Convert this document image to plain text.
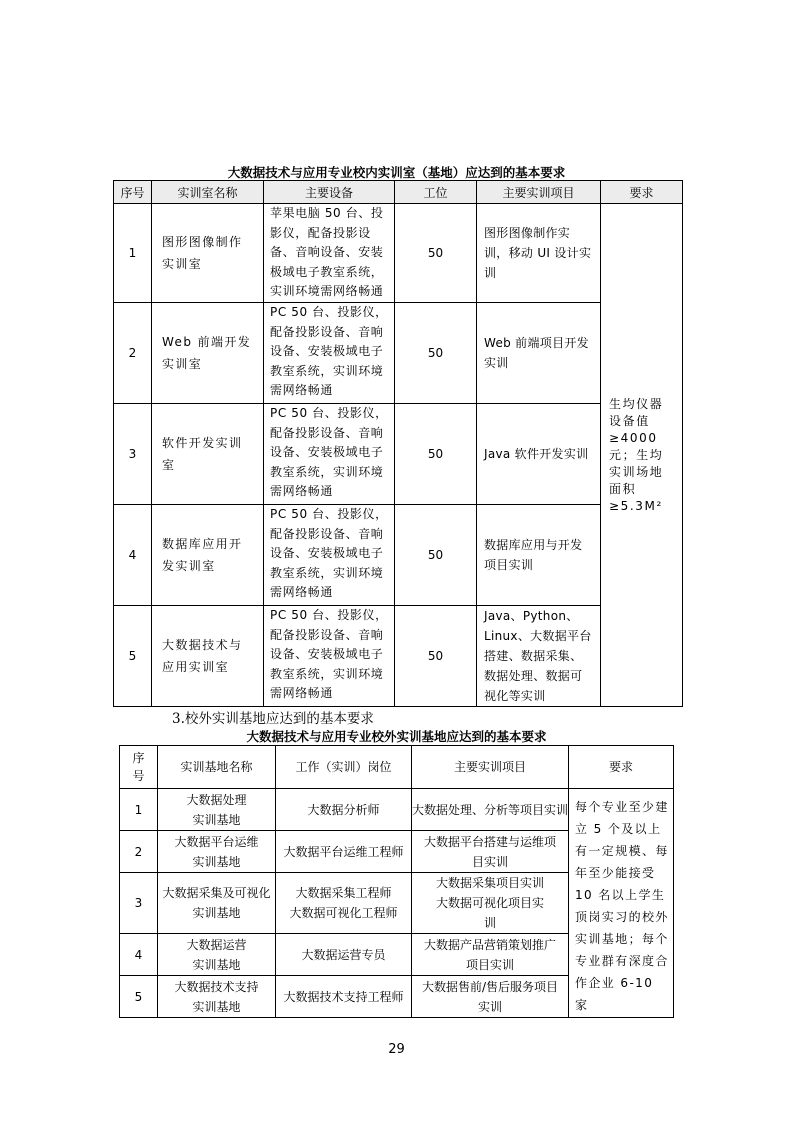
大数据技术与应用专业校内实训室（基地）应达到的基本要求
序号	实训室名称	主要设备	工位	主要实训项目	要求
1	图形图像制作实训室	苹果电脑 50 台、投影仪，配备投影设备、音响设备、安装极域电子教室系统，实训环境需网络畅通	50	图形图像制作实训，移动 UI 设计实训	生均仪器设备值≥4000元；生均实训场地面积≥5.3M²
2	Web 前端开发实训室	PC 50 台、投影仪，配备投影设备、音响设备、安装极域电子教室系统，实训环境需网络畅通	50	Web 前端项目开发实训	
3	软件开发实训室	PC 50 台、投影仪，配备投影设备、音响设备、安装极域电子教室系统，实训环境需网络畅通	50	Java 软件开发实训	
4	数据库应用开发实训室	PC 50 台、投影仪，配备投影设备、音响设备、安装极域电子教室系统，实训环境需网络畅通	50	数据库应用与开发项目实训	
5	大数据技术与应用实训室	PC 50 台、投影仪，配备投影设备、音响设备、安装极域电子教室系统，实训环境需网络畅通	50	Java、Python、Linux、大数据平台搭建、数据采集、数据处理、数据可视化等实训	
3.校外实训基地应达到的基本要求
大数据技术与应用专业校外实训基地应达到的基本要求
序号	实训基地名称	工作（实训）岗位	主要实训项目	要求
1	大数据处理实训基地	大数据分析师	大数据处理、分析等项目实训	每个专业至少建立 5 个及以上有一定规模、每年至少能接受 10 名以上学生顶岗实习的校外实训基地；每个专业群有深度合作企业 6-10 家
2	大数据平台运维实训基地	大数据平台运维工程师	大数据平台搭建与运维项目实训	
3	大数据采集及可视化实训基地	大数据采集工程师 大数据可视化工程师	大数据采集项目实训 大数据可视化项目实训	
4	大数据运营实训基地	大数据运营专员	大数据产品营销策划推广项目实训	
5	大数据技术支持实训基地	大数据技术支持工程师	大数据售前/售后服务项目实训	
29
